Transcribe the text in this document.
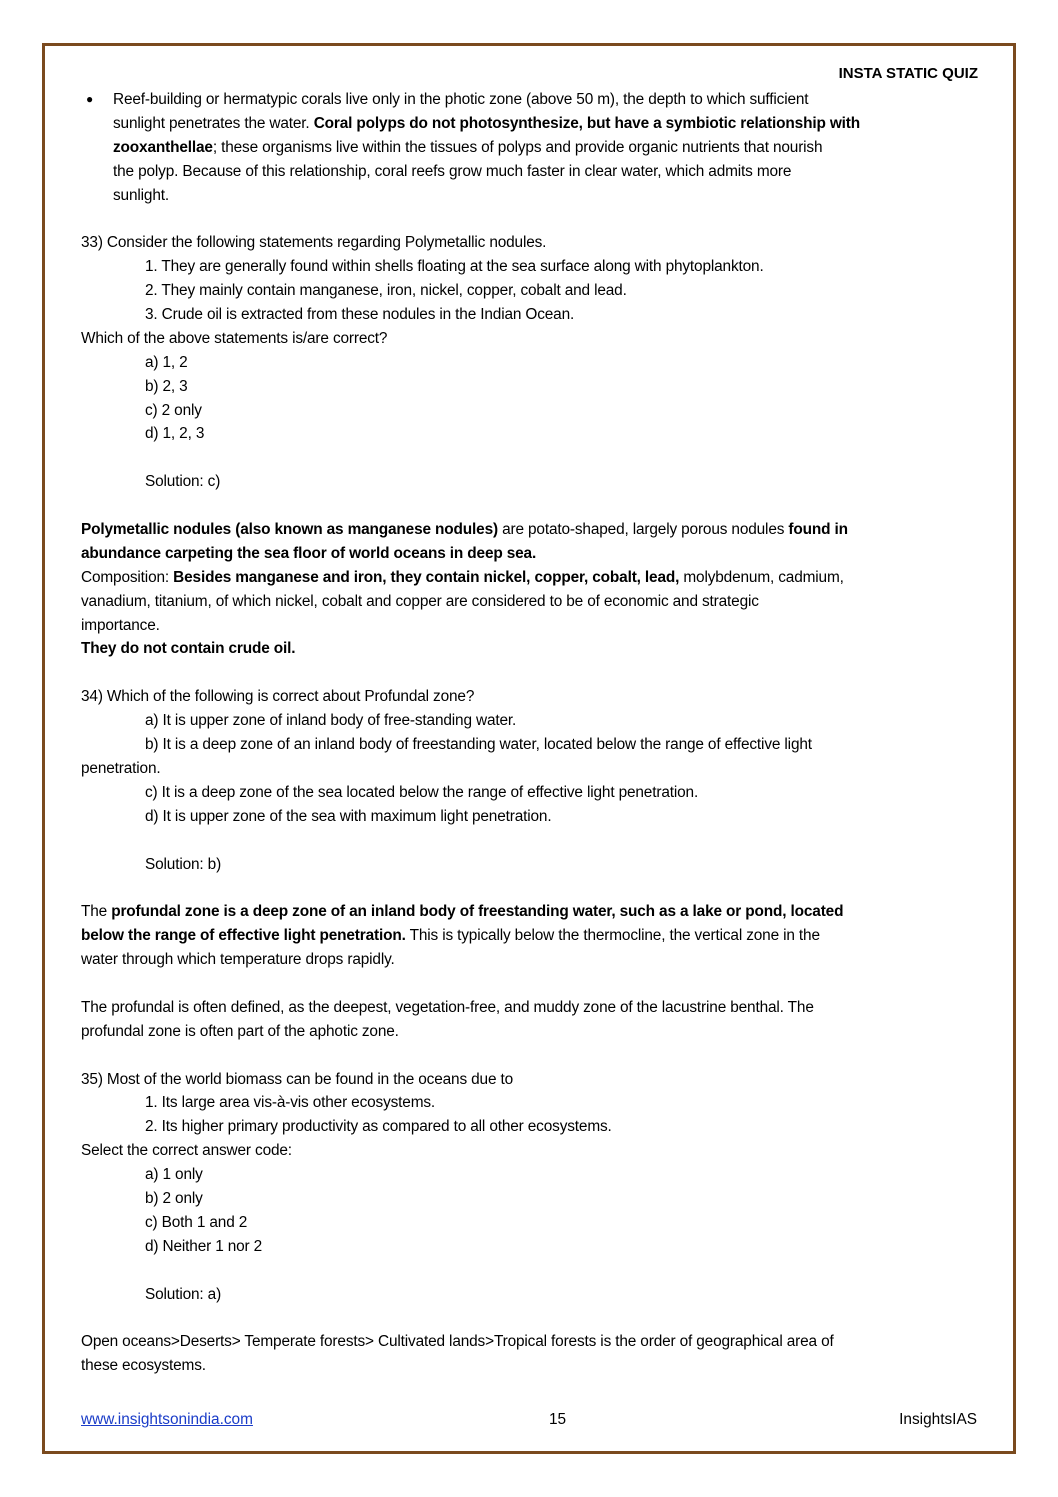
INSTA STATIC QUIZ
● Reef-building or hermatypic corals live only in the photic zone (above 50 m), the depth to which sufficient
sunlight penetrates the water. Coral polyps do not photosynthesize, but have a symbiotic relationship with
zooxanthellae; these organisms live within the tissues of polyps and provide organic nutrients that nourish
the polyp. Because of this relationship, coral reefs grow much faster in clear water, which admits more
sunlight.
33) Consider the following statements regarding Polymetallic nodules.
1. They are generally found within shells floating at the sea surface along with phytoplankton.
2. They mainly contain manganese, iron, nickel, copper, cobalt and lead.
3. Crude oil is extracted from these nodules in the Indian Ocean.
Which of the above statements is/are correct?
a) 1, 2
b) 2, 3
c) 2 only
d) 1, 2, 3
Solution: c)
Polymetallic nodules (also known as manganese nodules) are potato-shaped, largely porous nodules found in
abundance carpeting the sea floor of world oceans in deep sea.
Composition: Besides manganese and iron, they contain nickel, copper, cobalt, lead, molybdenum, cadmium,
vanadium, titanium, of which nickel, cobalt and copper are considered to be of economic and strategic
importance.
They do not contain crude oil.
34) Which of the following is correct about Profundal zone?
a) It is upper zone of inland body of free-standing water.
b) It is a deep zone of an inland body of freestanding water, located below the range of effective light
penetration.
c) It is a deep zone of the sea located below the range of effective light penetration.
d) It is upper zone of the sea with maximum light penetration.
Solution: b)
The profundal zone is a deep zone of an inland body of freestanding water, such as a lake or pond, located
below the range of effective light penetration. This is typically below the thermocline, the vertical zone in the
water through which temperature drops rapidly.
The profundal is often defined, as the deepest, vegetation-free, and muddy zone of the lacustrine benthal. The
profundal zone is often part of the aphotic zone.
35) Most of the world biomass can be found in the oceans due to
1. Its large area vis-à-vis other ecosystems.
2. Its higher primary productivity as compared to all other ecosystems.
Select the correct answer code:
a) 1 only
b) 2 only
c) Both 1 and 2
d) Neither 1 nor 2
Solution: a)
Open oceans>Deserts> Temperate forests> Cultivated lands>Tropical forests is the order of geographical area of
these ecosystems.
www.insightsonindia.com	15	InsightsIAS
